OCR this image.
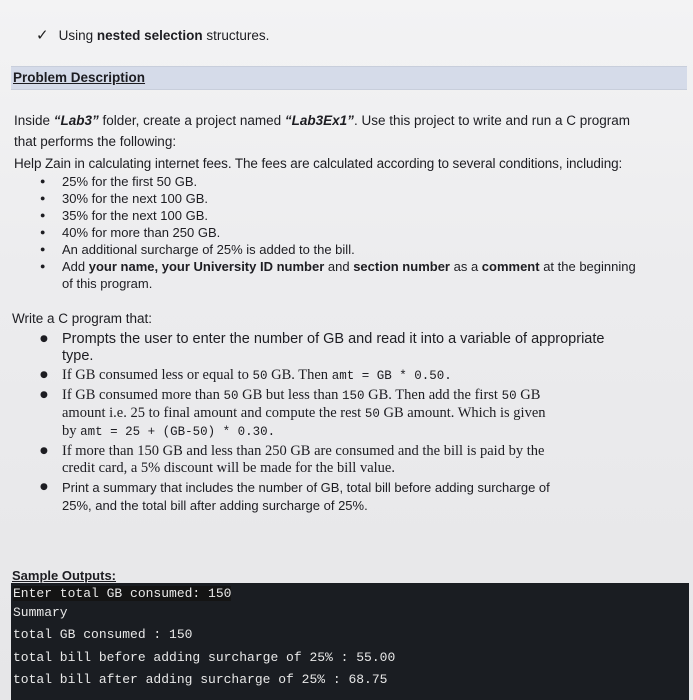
✓ Using nested selection structures.
Problem Description
Inside “Lab3” folder, create a project named “Lab3Ex1”. Use this project to write and run a C program
that performs the following:
Help Zain in calculating internet fees. The fees are calculated according to several conditions, including:
● 25% for the first 50 GB.
● 30% for the next 100 GB.
● 35% for the next 100 GB.
● 40% for more than 250 GB.
● An additional surcharge of 25% is added to the bill.
● Add your name, your University ID number and section number as a comment at the beginning
of this program.
Write a C program that:
● Prompts the user to enter the number of GB and read it into a variable of appropriate
type.
● If GB consumed less or equal to 50 GB. Then amt = GB * 0.50.
● If GB consumed more than 50 GB but less than 150 GB. Then add the first 50 GB
amount i.e. 25 to final amount and compute the rest 50 GB amount. Which is given
by amt = 25 + (GB-50) * 0.30.
● If more than 150 GB and less than 250 GB are consumed and the bill is paid by the
credit card, a 5% discount will be made for the bill value.
● Print a summary that includes the number of GB, total bill before adding surcharge of
25%, and the total bill after adding surcharge of 25%.
Sample Outputs:
Enter total GB consumed: 150
Summary
total GB consumed : 150
total bill before adding surcharge of 25% : 55.00
total bill after adding surcharge of 25% : 68.75
